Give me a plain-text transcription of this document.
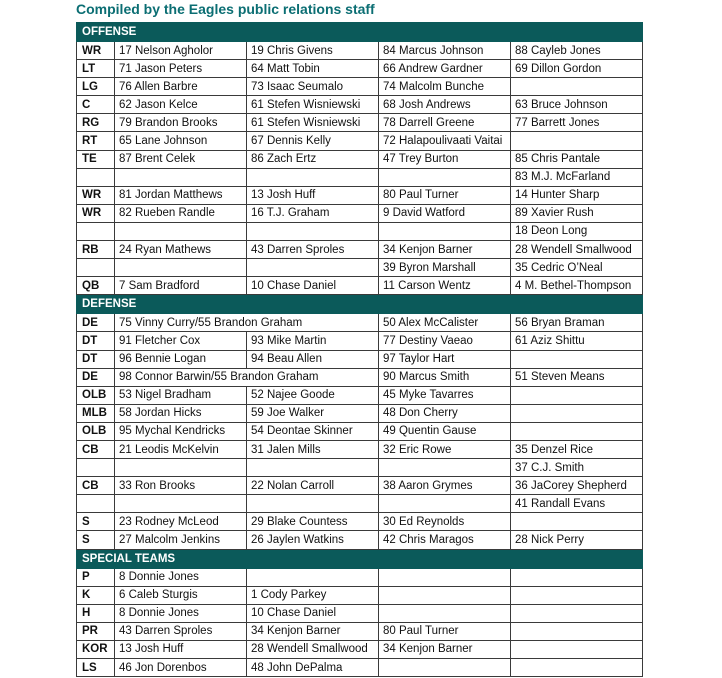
Compiled by the Eagles public relations staff
OFFENSE				
WR	17 Nelson Agholor	19 Chris Givens	84 Marcus Johnson	88 Cayleb Jones
LT	71 Jason Peters	64 Matt Tobin	66 Andrew Gardner	69 Dillon Gordon
LG	76 Allen Barbre	73 Isaac Seumalo	74 Malcolm Bunche	
C	62 Jason Kelce	61 Stefen Wisniewski	68 Josh Andrews	63 Bruce Johnson
RG	79 Brandon Brooks	61 Stefen Wisniewski	78 Darrell Greene	77 Barrett Jones
RT	65 Lane Johnson	67 Dennis Kelly	72 Halapoulivaati Vaitai	
TE	87 Brent Celek	86 Zach Ertz	47 Trey Burton	85 Chris Pantale
				83 M.J. McFarland
WR	81 Jordan Matthews	13 Josh Huff	80 Paul Turner	14 Hunter Sharp
WR	82 Rueben Randle	16 T.J. Graham	9 David Watford	89 Xavier Rush
				18 Deon Long
RB	24 Ryan Mathews	43 Darren Sproles	34 Kenjon Barner	28 Wendell Smallwood
			39 Byron Marshall	35 Cedric O’Neal
QB	7 Sam Bradford	10 Chase Daniel	11 Carson Wentz	4 M. Bethel-Thompson
DEFENSE				
DE	75 Vinny Curry/55 Brandon Graham		50 Alex McCalister	56 Bryan Braman
DT	91 Fletcher Cox	93 Mike Martin	77 Destiny Vaeao	61 Aziz Shittu
DT	96 Bennie Logan	94 Beau Allen	97 Taylor Hart	
DE	98 Connor Barwin/55 Brandon Graham		90 Marcus Smith	51 Steven Means
OLB	53 Nigel Bradham	52 Najee Goode	45 Myke Tavarres	
MLB	58 Jordan Hicks	59 Joe Walker	48 Don Cherry	
OLB	95 Mychal Kendricks	54 Deontae Skinner	49 Quentin Gause	
CB	21 Leodis McKelvin	31 Jalen Mills	32 Eric Rowe	35 Denzel Rice
				37 C.J. Smith
CB	33 Ron Brooks	22 Nolan Carroll	38 Aaron Grymes	36 JaCorey Shepherd
				41 Randall Evans
S	23 Rodney McLeod	29 Blake Countess	30 Ed Reynolds	
S	27 Malcolm Jenkins	26 Jaylen Watkins	42 Chris Maragos	28 Nick Perry
SPECIAL TEAMS				
P	8 Donnie Jones			
K	6 Caleb Sturgis	1 Cody Parkey		
H	8 Donnie Jones	10 Chase Daniel		
PR	43 Darren Sproles	34 Kenjon Barner	80 Paul Turner	
KOR	13 Josh Huff	28 Wendell Smallwood	34 Kenjon Barner	
LS	46 Jon Dorenbos	48 John DePalma		
